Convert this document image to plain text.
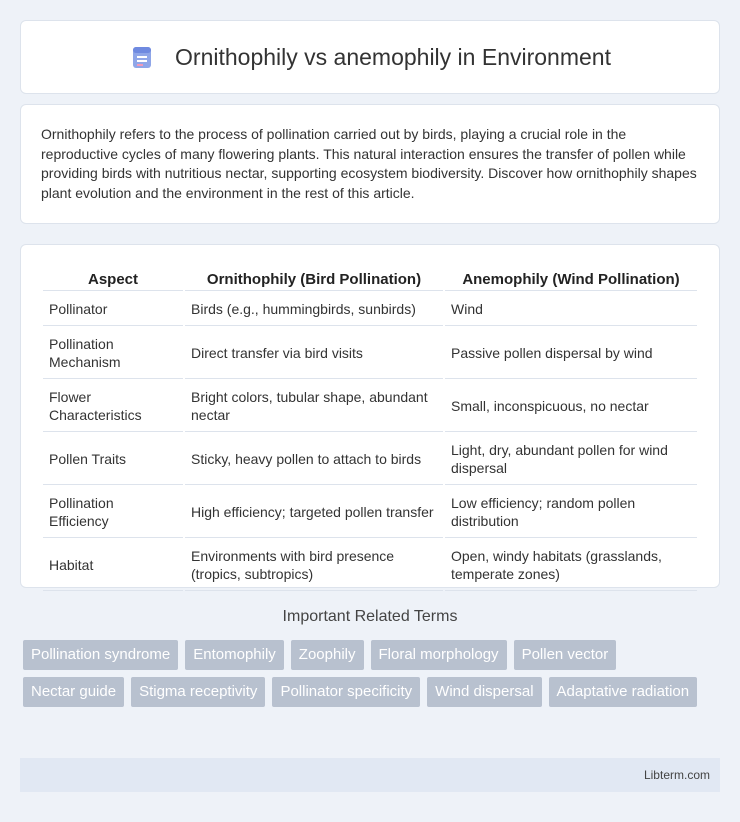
Ornithophily vs anemophily in Environment

Ornithophily refers to the process of pollination carried out by birds, playing a crucial role in the reproductive cycles of many flowering plants. This natural interaction ensures the transfer of pollen while providing birds with nutritious nectar, supporting ecosystem biodiversity. Discover how ornithophily shapes plant evolution and the environment in the rest of this article.

Aspect	Ornithophily (Bird Pollination)	Anemophily (Wind Pollination)
Pollinator	Birds (e.g., hummingbirds, sunbirds)	Wind
Pollination Mechanism	Direct transfer via bird visits	Passive pollen dispersal by wind
Flower Characteristics	Bright colors, tubular shape, abundant nectar	Small, inconspicuous, no nectar
Pollen Traits	Sticky, heavy pollen to attach to birds	Light, dry, abundant pollen for wind dispersal
Pollination Efficiency	High efficiency; targeted pollen transfer	Low efficiency; random pollen distribution
Habitat	Environments with bird presence (tropics, subtropics)	Open, windy habitats (grasslands, temperate zones)
Important Related Terms
Pollination syndrome	Entomophily	Zoophily	Floral morphology	Pollen vector
Nectar guide	Stigma receptivity	Pollinator specificity	Wind dispersal	Adaptative radiation
Libterm.com
